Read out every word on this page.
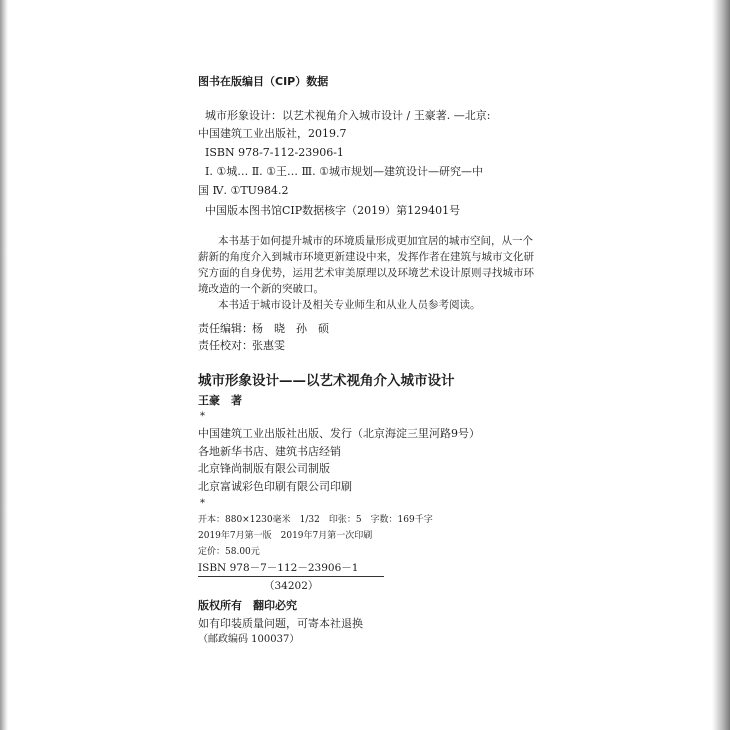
图书在版编目（CIP）数据
城市形象设计：以艺术视角介入城市设计 / 王豪著. —北京:
中国建筑工业出版社，2019.7
ISBN 978-7-112-23906-1
Ⅰ. ①城… Ⅱ. ①王… Ⅲ. ①城市规划—建筑设计—研究—中
国 Ⅳ. ①TU984.2
中国版本图书馆CIP数据核字（2019）第129401号
本书基于如何提升城市的环境质量形成更加宜居的城市空间，从一个
薪新的角度介入到城市环境更新建设中来，发挥作者在建筑与城市文化研
究方面的自身优势，运用艺术审美原理以及环境艺术设计原则寻找城市环
境改造的一个新的突破口。
本书适于城市设计及相关专业师生和从业人员参考阅读。
责任编辑： 杨　晓　孙　硕
责任校对： 张惠雯
城市形象设计——以艺术视角介入城市设计
王豪　著
*
中国建筑工业出版社出版、发行（北京海淀三里河路9号）
各地新华书店、建筑书店经销
北京锋尚制版有限公司制版
北京富诚彩色印刷有限公司印刷
*
开本：880×1230毫米　1/32　印张：5　字数：169千字
2019年7月第一版　2019年7月第一次印刷
定价：58.00元
ISBN 978－7－112－23906－1
（34202）
版权所有　翻印必究
如有印装质量问题，可寄本社退换
（邮政编码 100037）
